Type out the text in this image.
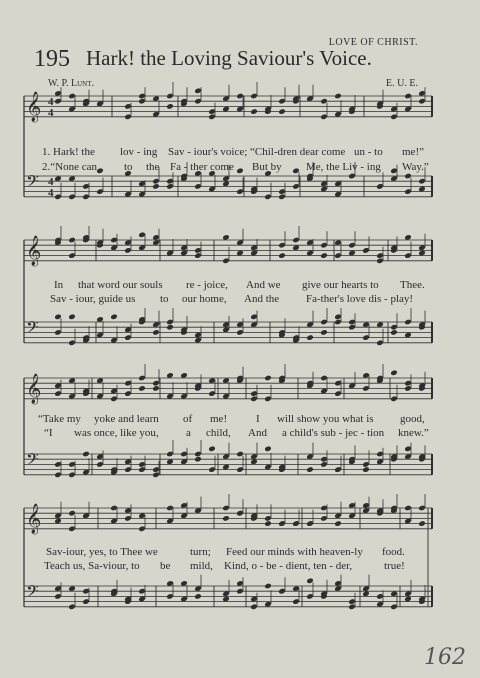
LOVE OF CHRIST.
195 Hark! the Loving Saviour's Voice.
W. P. Lunt.	E. U. E.
𝄞
𝄢
𝄞
𝄢
𝄞
𝄢
𝄞
𝄢
4
4
4
4
1. Hark! the lov - ing Sav - iour's voice; “Chil-dren dear come un - to me!”
2.“None can to the Fa - ther come But by Me, the Liv - ing Way.”
In that word our souls re - joice, And we give our hearts to Thee.
Sav - iour, guide us to our home, And the Fa-ther's love dis - play!
“Take my yoke and learn of me!	I will show you what is good,
“I was once, like you, a child, And a child's sub - jec - tion knew.”
Sav-iour, yes, to Thee we	turn; Feed our minds with heaven-ly food.
Teach us, Sa-viour, to be mild, Kind, o - be - dient, ten - der,	true!
162
